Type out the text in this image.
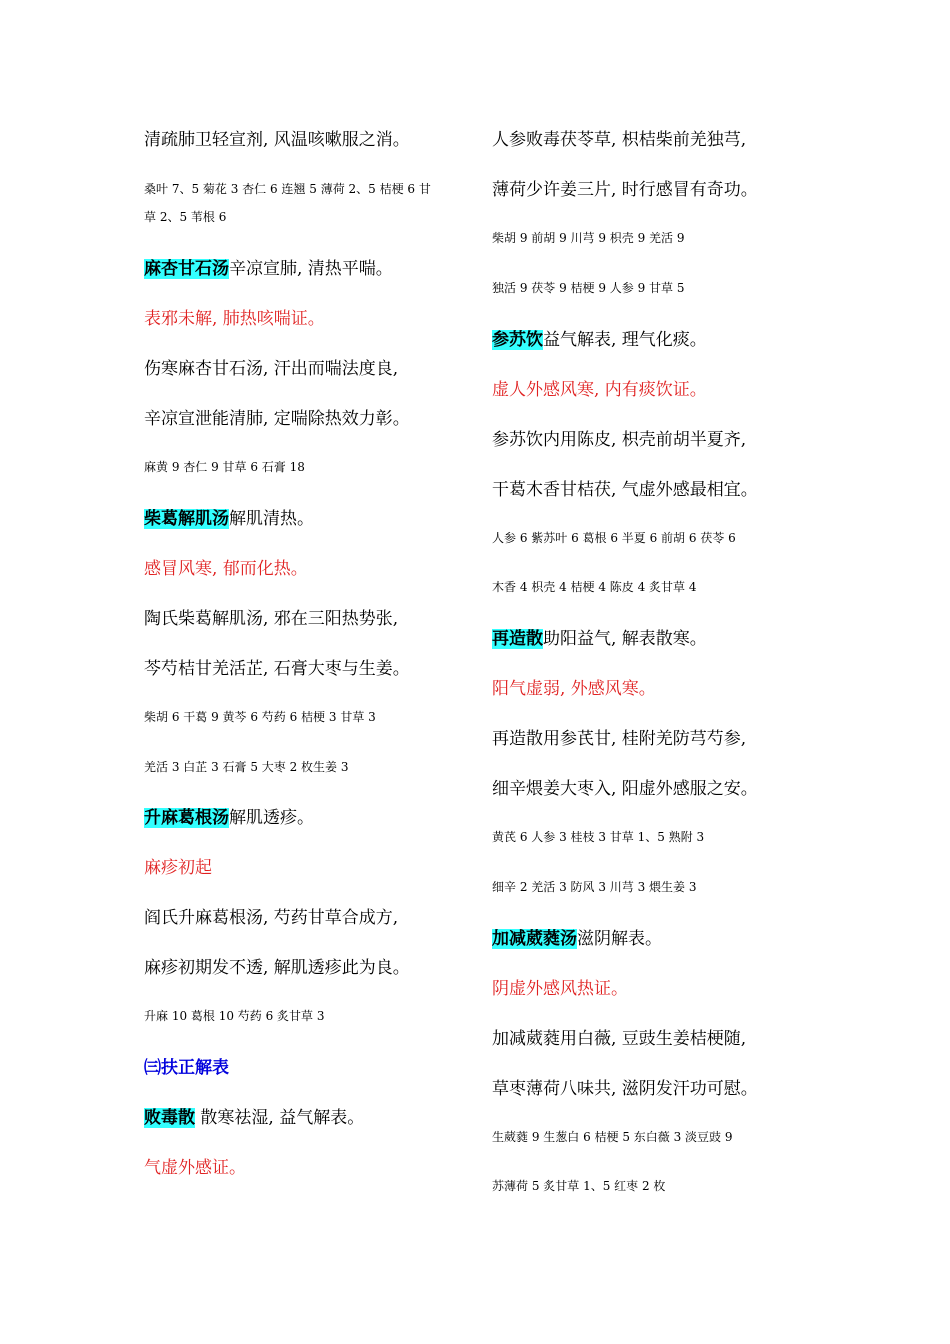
清疏肺卫轻宣剂, 风温咳嗽服之消。
桑叶 7、5 菊花 3 杏仁 6 连翘 5 薄荷 2、5 桔梗 6 甘
草 2、5 苇根 6
麻杏甘石汤辛凉宣肺, 清热平喘。
表邪未解, 肺热咳喘证。
伤寒麻杏甘石汤, 汗出而喘法度良,
辛凉宣泄能清肺, 定喘除热效力彰。
麻黄 9 杏仁 9 甘草 6 石膏 18
柴葛解肌汤解肌清热。
感冒风寒, 郁而化热。
陶氏柴葛解肌汤, 邪在三阳热势张,
芩芍桔甘羌活芷, 石膏大枣与生姜。
柴胡 6 干葛 9 黄芩 6 芍药 6 桔梗 3 甘草 3
羌活 3 白芷 3 石膏 5 大枣 2 枚生姜 3
升麻葛根汤解肌透疹。
麻疹初起
阎氏升麻葛根汤, 芍药甘草合成方,
麻疹初期发不透, 解肌透疹此为良。
升麻 10 葛根 10 芍药 6 炙甘草 3
㈢扶正解表
败毒散 散寒祛湿, 益气解表。
气虚外感证。
人参败毒茯苓草, 枳桔柴前羌独芎,
薄荷少许姜三片, 时行感冒有奇功。
柴胡 9 前胡 9 川芎 9 枳壳 9 羌活 9
独活 9 茯苓 9 桔梗 9 人参 9 甘草 5
参苏饮益气解表, 理气化痰。
虚人外感风寒, 内有痰饮证。
参苏饮内用陈皮, 枳壳前胡半夏齐,
干葛木香甘桔茯, 气虚外感最相宜。
人参 6 紫苏叶 6 葛根 6 半夏 6 前胡 6 茯苓 6
木香 4 枳壳 4 桔梗 4 陈皮 4 炙甘草 4
再造散助阳益气, 解表散寒。
阳气虚弱, 外感风寒。
再造散用参芪甘, 桂附羌防芎芍参,
细辛煨姜大枣入, 阳虚外感服之安。
黄芪 6 人参 3 桂枝 3 甘草 1、5 熟附 3
细辛 2 羌活 3 防风 3 川芎 3 煨生姜 3
加减葳蕤汤滋阴解表。
阴虚外感风热证。
加减葳蕤用白薇, 豆豉生姜桔梗随,
草枣薄荷八味共, 滋阴发汗功可慰。
生葳蕤 9 生葱白 6 桔梗 5 东白薇 3 淡豆豉 9
苏薄荷 5 炙甘草 1、5 红枣 2 枚
